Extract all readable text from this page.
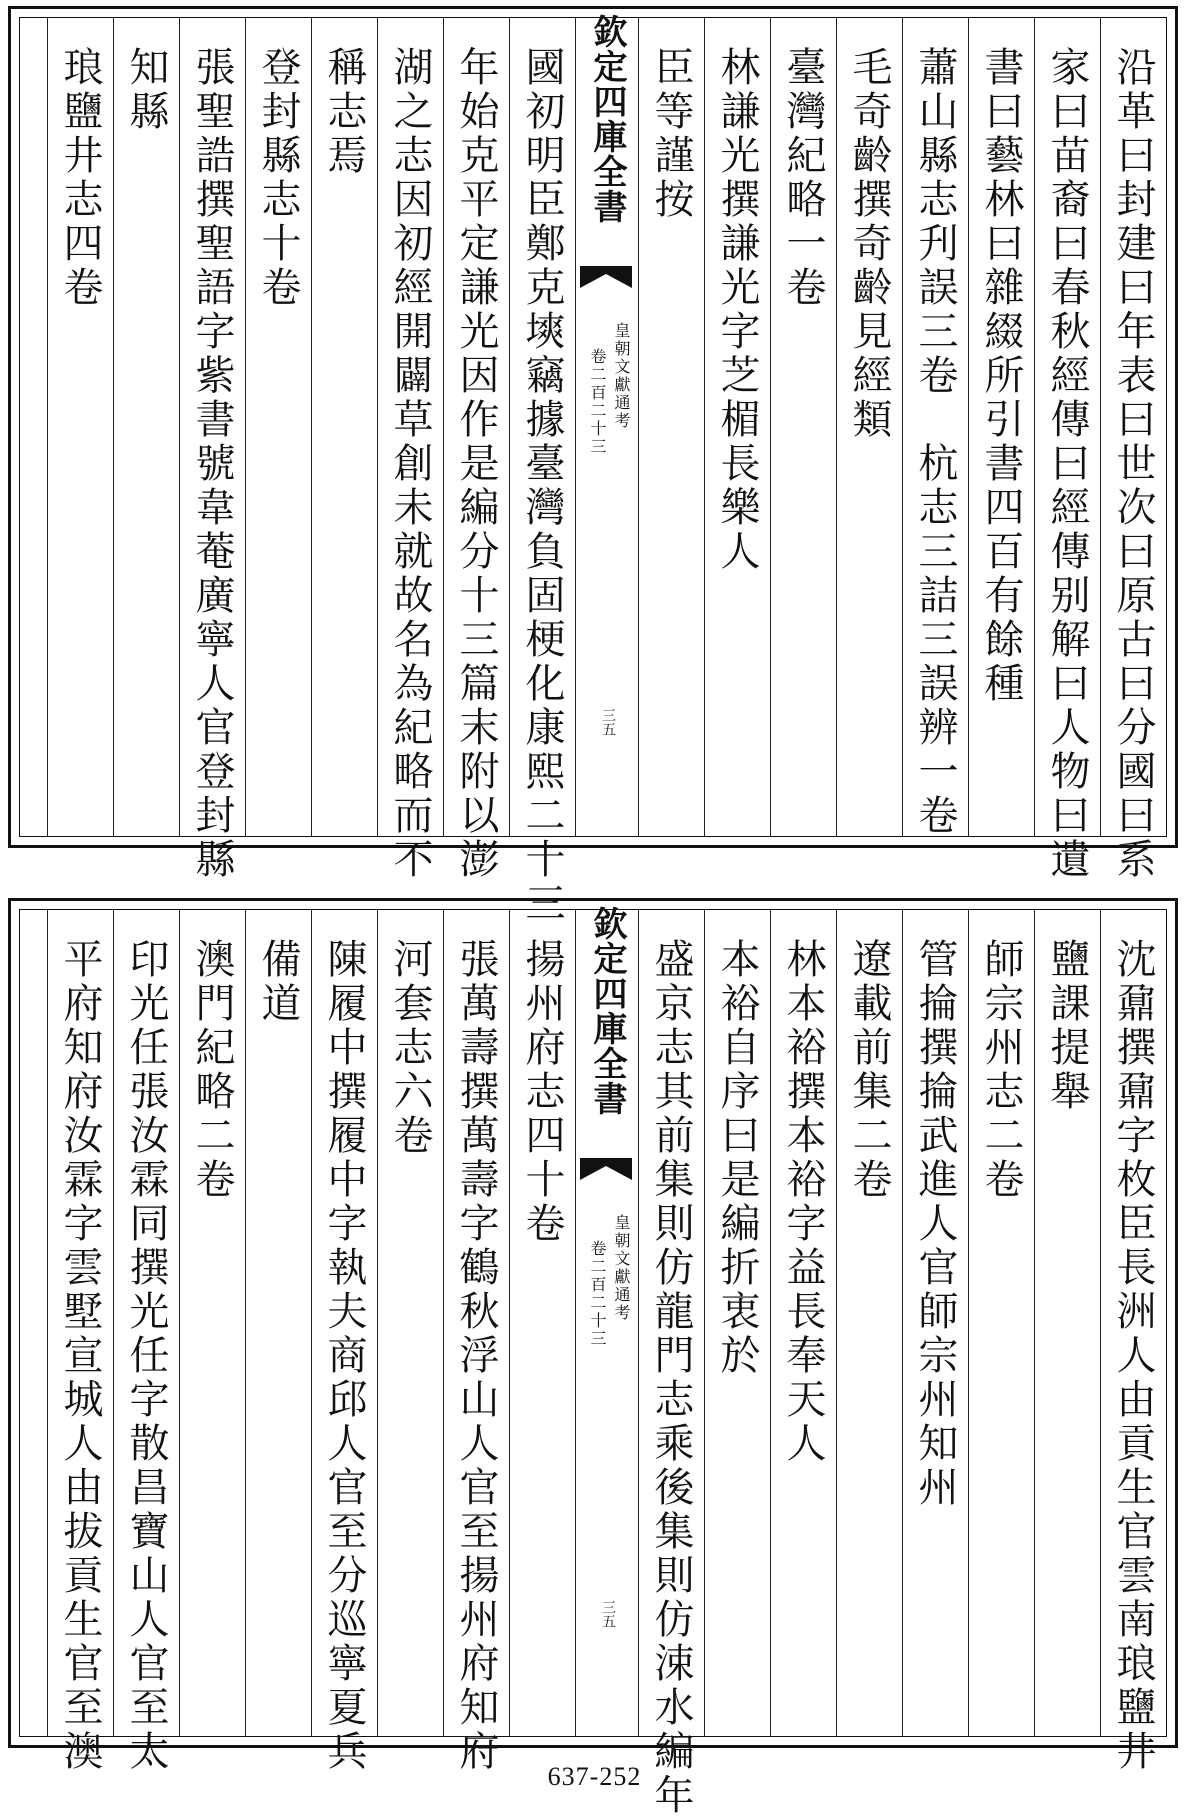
沿革曰封建曰年表曰世次曰原古曰分國曰系
家曰苗裔曰春秋經傳曰經傳别解曰人物曰遺
書曰藝林曰雜綴所引書四百有餘種
蕭山縣志刋誤三卷　杭志三詰三誤辨一卷
毛奇齡撰奇齡見經類
臺灣紀略一卷
林謙光撰謙光字芝楣長樂人
臣等謹按
欽定四庫全書
皇朝文獻通考
卷二百二十三
三五
國初明臣鄭克塽竊據臺灣負固梗化康熙二十三
年始克平定謙光因作是編分十三篇末附以澎
湖之志因初經開闢草創未就故名為紀略而不
稱志焉
登封縣志十卷
張聖誥撰聖語字紫書號韋菴廣寧人官登封縣
知縣
琅鹽井志四卷
沈鼐撰鼐字枚臣長洲人由貢生官雲南琅鹽井
鹽課提舉
師宗州志二卷
管掄撰掄武進人官師宗州知州
遼載前集二卷
林本裕撰本裕字益長奉天人
本裕自序曰是編折衷於
盛京志其前集則仿龍門志乘後集則仿涑水編年
欽定四庫全書
皇朝文獻通考
卷二百二十三
三五
揚州府志四十卷
張萬壽撰萬壽字鶴秋浮山人官至揚州府知府
河套志六卷
陳履中撰履中字執夫商邱人官至分巡寧夏兵
備道
澳門紀略二卷
印光任張汝霖同撰光任字散昌寶山人官至太
平府知府汝霖字雲墅宣城人由拔貢生官至澳
637-252
